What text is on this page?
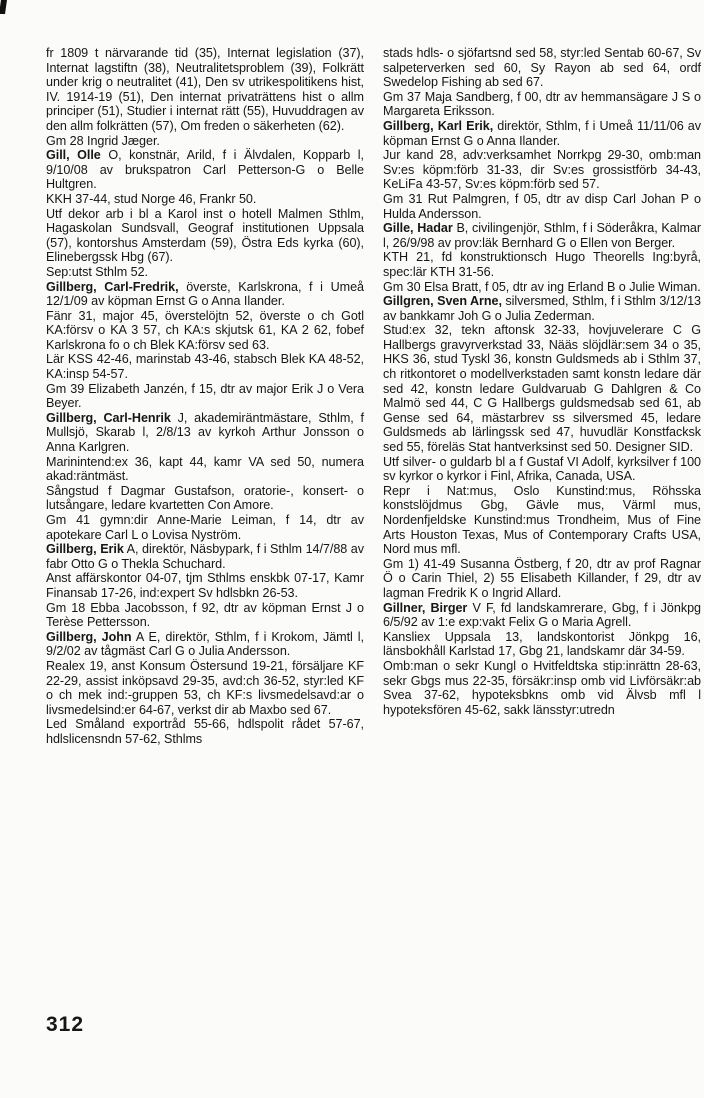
fr 1809 t närvarande tid (35), Internat legislation (37), Internat lagstiftn (38), Neutralitetsproblem (39), Folkrätt under krig o neutralitet (41), Den sv utrikespolitikens hist, IV. 1914-19 (51), Den internat privaträttens hist o allm principer (51), Studier i internat rätt (55), Huvuddragen av den allm folkrätten (57), Om freden o säkerheten (62).

Gm 28 Ingrid Jæger.

Gill, Olle O, konstnär, Arild, f i Älvdalen, Kopparb l, 9/10/08 av brukspatron Carl Petterson-G o Belle Hultgren.

KKH 37-44, stud Norge 46, Frankr 50.

Utf dekor arb i bl a Karol inst o hotell Malmen Sthlm, Hagaskolan Sundsvall, Geograf institutionen Uppsala (57), kontorshus Amsterdam (59), Östra Eds kyrka (60), Elinebergssk Hbg (67).

Sep:utst Sthlm 52.

Gillberg, Carl-Fredrik, överste, Karlskrona, f i Umeå 12/1/09 av köpman Ernst G o Anna Ilander.

Fänr 31, major 45, överstelöjtn 52, överste o ch Gotl KA:försv o KA 3 57, ch KA:s skjutsk 61, KA 2 62, fobef Karlskrona fo o ch Blek KA:försv sed 63.

Lär KSS 42-46, marinstab 43-46, stabsch Blek KA 48-52, KA:insp 54-57.

Gm 39 Elizabeth Janzén, f 15, dtr av major Erik J o Vera Beyer.

Gillberg, Carl-Henrik J, akademiräntmästare, Sthlm, f Mullsjö, Skarab l, 2/8/13 av kyrkoh Arthur Jonsson o Anna Karlgren.

Marinintend:ex 36, kapt 44, kamr VA sed 50, numera akad:räntmäst.

Sångstud f Dagmar Gustafson, oratorie-, konsert- o lutsångare, ledare kvartetten Con Amore.

Gm 41 gymn:dir Anne-Marie Leiman, f 14, dtr av apotekare Carl L o Lovisa Nyström.

Gillberg, Erik A, direktör, Näsbypark, f i Sthlm 14/7/88 av fabr Otto G o Thekla Schuchard.

Anst affärskontor 04-07, tjm Sthlms enskbk 07-17, Kamr Finansab 17-26, ind:expert Sv hdlsbkn 26-53.

Gm 18 Ebba Jacobsson, f 92, dtr av köpman Ernst J o Terèse Pettersson.

Gillberg, John A E, direktör, Sthlm, f i Krokom, Jämtl l, 9/2/02 av tågmäst Carl G o Julia Andersson.

Realex 19, anst Konsum Östersund 19-21, försäljare KF 22-29, assist inköpsavd 29-35, avd:ch 36-52, styr:led KF o ch mek ind:-gruppen 53, ch KF:s livsmedelsavd:ar o livsmedelsind:er 64-67, verkst dir ab Maxbo sed 67.

Led Småland exportråd 55-66, hdlspolit rådet 57-67, hdlslicensndn 57-62, Sthlms

stads hdls- o sjöfartsnd sed 58, styr:led Sentab 60-67, Sv salpeterverken sed 60, Sy Rayon ab sed 64, ordf Swedelop Fishing ab sed 67.

Gm 37 Maja Sandberg, f 00, dtr av hemmansägare J S o Margareta Eriksson.

Gillberg, Karl Erik, direktör, Sthlm, f i Umeå 11/11/06 av köpman Ernst G o Anna Ilander.

Jur kand 28, adv:verksamhet Norrkpg 29-30, omb:man Sv:es köpm:förb 31-33, dir Sv:es grossistförb 34-43, KeLiFa 43-57, Sv:es köpm:förb sed 57.

Gm 31 Rut Palmgren, f 05, dtr av disp Carl Johan P o Hulda Andersson.

Gille, Hadar B, civilingenjör, Sthlm, f i Söderåkra, Kalmar l, 26/9/98 av prov:läk Bernhard G o Ellen von Berger.

KTH 21, fd konstruktionsch Hugo Theorells Ing:byrå, spec:lär KTH 31-56.

Gm 30 Elsa Bratt, f 05, dtr av ing Erland B o Julie Wiman.

Gillgren, Sven Arne, silversmed, Sthlm, f i Sthlm 3/12/13 av bankkamr Joh G o Julia Zederman.

Stud:ex 32, tekn aftonsk 32-33, hovjuvelerare C G Hallbergs gravyrverkstad 33, Nääs slöjdlär:sem 34 o 35, HKS 36, stud Tyskl 36, konstn Guldsmeds ab i Sthlm 37, ch ritkontoret o modellverkstaden samt konstn ledare där sed 42, konstn ledare Guldvaruab G Dahlgren & Co Malmö sed 44, C G Hallbergs guldsmedsab sed 61, ab Gense sed 64, mästarbrev ss silversmed 45, ledare Guldsmeds ab lärlingssk sed 47, huvudlär Konstfacksk sed 55, föreläs Stat hantverksinst sed 50. Designer SID.

Utf silver- o guldarb bl a f Gustaf VI Adolf, kyrksilver f 100 sv kyrkor o kyrkor i Finl, Afrika, Canada, USA.

Repr i Nat:mus, Oslo Kunstind:mus, Röhsska konstslöjdmus Gbg, Gävle mus, Värml mus, Nordenfjeldske Kunstind:mus Trondheim, Mus of Fine Arts Houston Texas, Mus of Contemporary Crafts USA, Nord mus mfl.

Gm 1) 41-49 Susanna Östberg, f 20, dtr av prof Ragnar Ö o Carin Thiel, 2) 55 Elisabeth Killander, f 29, dtr av lagman Fredrik K o Ingrid Allard.

Gillner, Birger V F, fd landskamrerare, Gbg, f i Jönkpg 6/5/92 av 1:e exp:vakt Felix G o Maria Agrell.

Kansliex Uppsala 13, landskontorist Jönkpg 16, länsbokhåll Karlstad 17, Gbg 21, landskamr där 34-59.

Omb:man o sekr Kungl o Hvitfeldtska stip:inrättn 28-63, sekr Gbgs mus 22-35, försäkr:insp omb vid Livförsäkr:ab Svea 37-62, hypoteksbkns omb vid Älvsb mfl l hypoteksfören 45-62, sakk länsstyr:utredn

312
